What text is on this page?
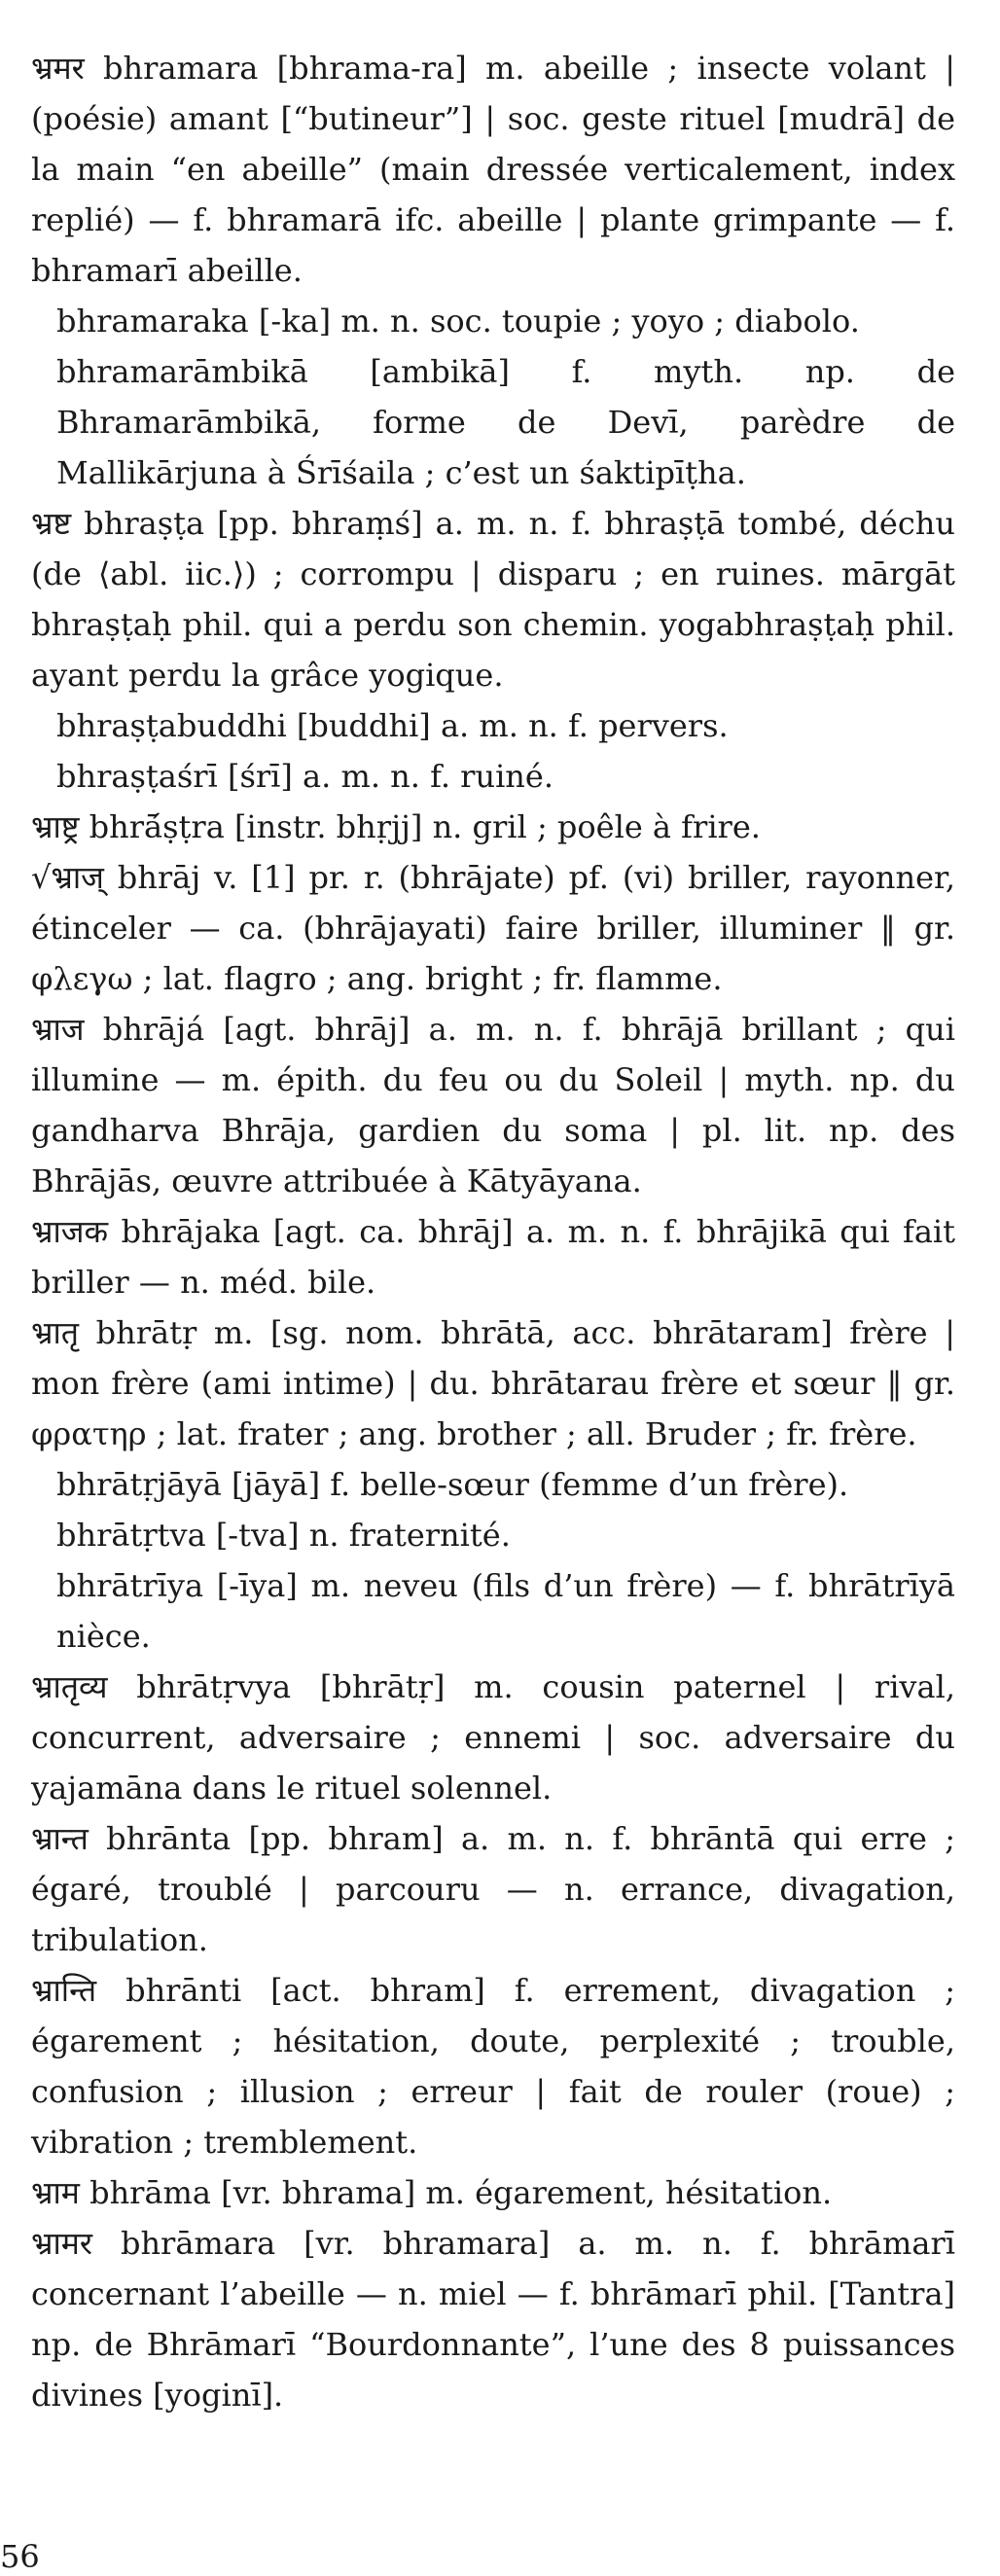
भ्रमर bhramara [bhrama-ra] m. abeille ; insecte volant | (poésie) amant [“butineur”] | soc. geste rituel [mudrā] de la main “en abeille” (main dressée verticalement, index replié) — f. bhramarā ifc. abeille | plante grimpante — f. bhramarī abeille.
bhramaraka [-ka] m. n. soc. toupie ; yoyo ; diabolo.
bhramarāmbikā [ambikā] f. myth. np. de Bhramarāmbikā, forme de Devī, parèdre de Mallikārjuna à Śrīśaila ; c’est un śaktipīṭha.
भ्रष्ट bhraṣṭa [pp. bhraṃś] a. m. n. f. bhraṣṭā tombé, déchu (de ⟨abl. iic.⟩) ; corrompu | disparu ; en ruines. mārgāt bhraṣṭaḥ phil. qui a perdu son chemin. yogabhraṣṭaḥ phil. ayant perdu la grâce yogique.
bhraṣṭabuddhi [buddhi] a. m. n. f. pervers.
bhraṣṭaśrī [śrī] a. m. n. f. ruiné.
भ्राष्ट्र bhrā́ṣṭra [instr. bhṛjj] n. gril ; poêle à frire.
√भ्राज् bhrāj v. [1] pr. r. (bhrājate) pf. (vi) briller, rayonner, étinceler — ca. (bhrājayati) faire briller, illuminer ‖ gr. φλεγω ; lat. flagro ; ang. bright ; fr. flamme.
भ्राज bhrājá [agt. bhrāj] a. m. n. f. bhrājā brillant ; qui illumine — m. épith. du feu ou du Soleil | myth. np. du gandharva Bhrāja, gardien du soma | pl. lit. np. des Bhrājās, œuvre attribuée à Kātyāyana.
भ्राजक bhrājaka [agt. ca. bhrāj] a. m. n. f. bhrājikā qui fait briller — n. méd. bile.
भ्रातृ bhrātṛ m. [sg. nom. bhrātā, acc. bhrātaram] frère | mon frère (ami intime) | du. bhrātarau frère et sœur ‖ gr. φρατηρ ; lat. frater ; ang. brother ; all. Bruder ; fr. frère.
bhrātṛjāyā [jāyā] f. belle-sœur (femme d’un frère).
bhrātṛtva [-tva] n. fraternité.
bhrātrīya [-īya] m. neveu (fils d’un frère) — f. bhrātrīyā nièce.
भ्रातृव्य bhrātṛvya [bhrātṛ] m. cousin paternel | rival, concurrent, adversaire ; ennemi | soc. adversaire du yajamāna dans le rituel solennel.
भ्रान्त bhrānta [pp. bhram] a. m. n. f. bhrāntā qui erre ; égaré, troublé | parcouru — n. errance, divagation, tribulation.
भ्रान्ति bhrānti [act. bhram] f. errement, divagation ; égarement ; hésitation, doute, perplexité ; trouble, confusion ; illusion ; erreur | fait de rouler (roue) ; vibration ; tremblement.
भ्राम bhrāma [vr. bhrama] m. égarement, hésitation.
भ्रामर bhrāmara [vr. bhramara] a. m. n. f. bhrāmarī concernant l’abeille — n. miel — f. bhrāmarī phil. [Tantra] np. de Bhrāmarī “Bourdonnante”, l’une des 8 puissances divines [yoginī].
56
